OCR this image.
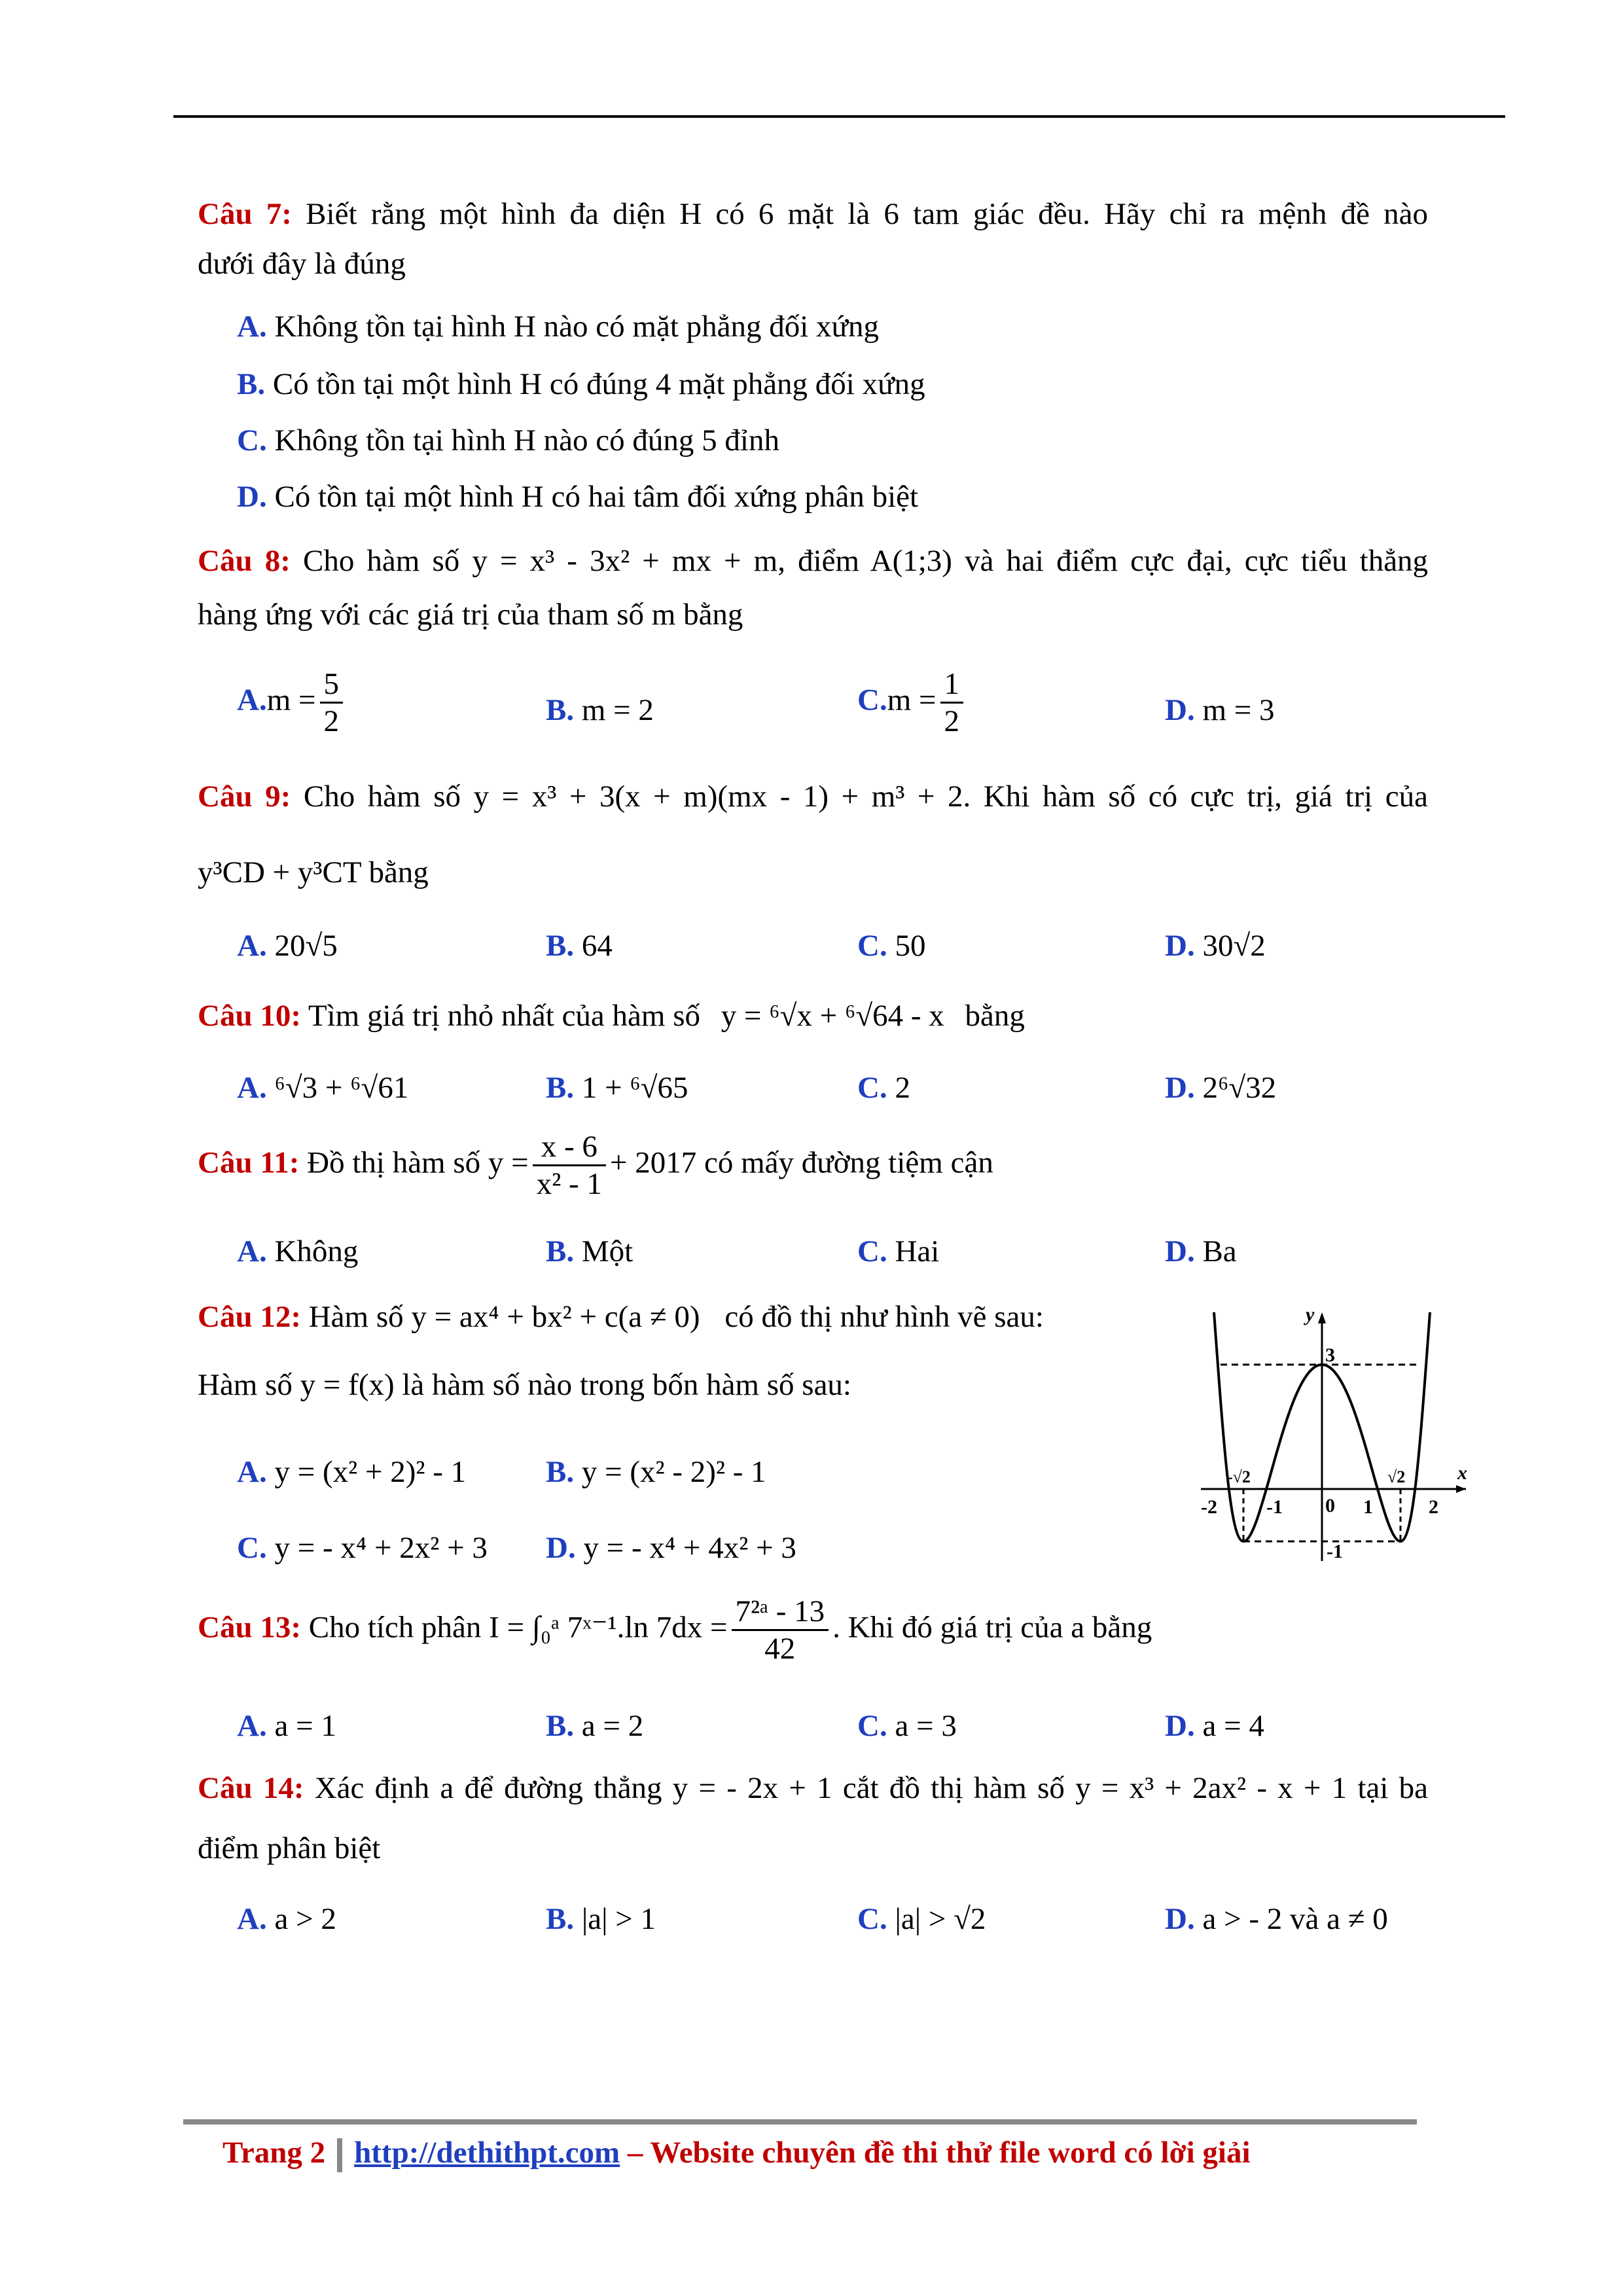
Câu 7: Biết rằng một hình đa diện H có 6 mặt là 6 tam giác đều. Hãy chỉ ra mệnh đề nào
dưới đây là đúng
A. Không tồn tại hình H nào có mặt phẳng đối xứng
B. Có tồn tại một hình H có đúng 4 mặt phẳng đối xứng
C. Không tồn tại hình H nào có đúng 5 đỉnh
D. Có tồn tại một hình H có hai tâm đối xứng phân biệt
Câu 8: Cho hàm số y = x³ - 3x² + mx + m, điểm A(1;3) và hai điểm cực đại, cực tiểu thẳng
hàng ứng với các giá trị của tham số m bằng
$A.m = \frac{5}{2}$	B. m = 2	$C.m = \frac{1}{2}$	D. m = 3
Câu 9: Cho hàm số y = x³ + 3(x + m)(mx - 1) + m³ + 2. Khi hàm số có cực trị, giá trị của
y³CD + y³CT bằng
A. 20√5	B. 64	C. 50	D. 30√2
Câu 10: Tìm giá trị nhỏ nhất của hàm số y = ⁶√x + ⁶√64 - x bằng
A. ⁶√3 + ⁶√61	B. 1 + ⁶√65	C. 2	D. 2⁶√32
Câu 11: Đồ thị hàm số $y = \frac{x - 6}{\text{x² - 1}} + 2017$ có mấy đường tiệm cận
A. Không	B. Một	C. Hai	D. Ba
Câu 12: Hàm số y = ax⁴ + bx² + c(a ≠ 0) có đồ thị như hình vẽ sau:
Hàm số y = f(x) là hàm số nào trong bốn hàm số sau:
A. y = (x² + 2)² - 1	B. y = (x² - 2)² - 1
C. y = - x⁴ + 2x² + 3 D. y = - x⁴ + 4x² + 3
y
x
3
0
-1
-2
-√2
-1	1
√2
2
Câu 13: Cho tích phân I = ∫₀ᵃ 7ˣ⁻¹.ln $7dx = \frac{\text{7²ᵃ - 13}}{42}$ . Khi đó giá trị của a bằng
A. a = 1	B. a = 2	C. a = 3	D. a = 4
Câu 14: Xác định a để đường thẳng y = - 2x + 1 cắt đồ thị hàm số y = x³ + 2ax² - x + 1 tại ba
điểm phân biệt
A. a > 2	B. |a| > 1	C. |a| > √2	D. a > - 2 và a ≠ 0
Trang 2 http://dethithpt.com – Website chuyên đề thi thử file word có lời giải
